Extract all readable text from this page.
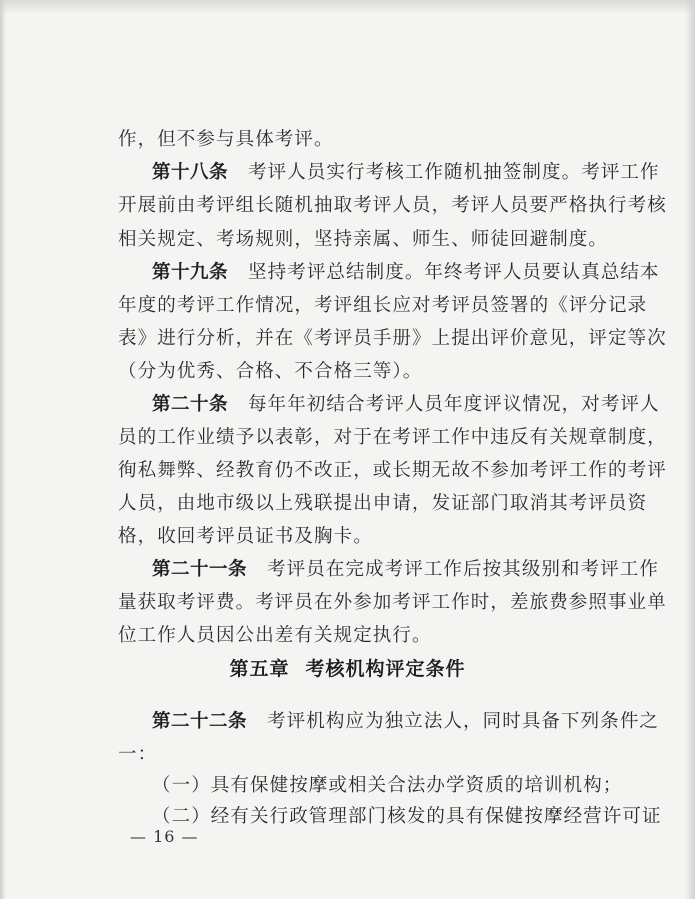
作，但不参与具体考评。
第十八条 考评人员实行考核工作随机抽签制度。考评工作
开展前由考评组长随机抽取考评人员，考评人员要严格执行考核
相关规定、考场规则，坚持亲属、师生、师徒回避制度。
第十九条 坚持考评总结制度。年终考评人员要认真总结本
年度的考评工作情况，考评组长应对考评员签署的《评分记录
表》进行分析，并在《考评员手册》上提出评价意见，评定等次
（分为优秀、合格、不合格三等）。
第二十条 每年年初结合考评人员年度评议情况，对考评人
员的工作业绩予以表彰，对于在考评工作中违反有关规章制度，
徇私舞弊、经教育仍不改正，或长期无故不参加考评工作的考评
人员，由地市级以上残联提出申请，发证部门取消其考评员资
格，收回考评员证书及胸卡。
第二十一条 考评员在完成考评工作后按其级别和考评工作
量获取考评费。考评员在外参加考评工作时，差旅费参照事业单
位工作人员因公出差有关规定执行。
第五章 考核机构评定条件
第二十二条 考评机构应为独立法人，同时具备下列条件之
一：
（一）具有保健按摩或相关合法办学资质的培训机构；
（二）经有关行政管理部门核发的具有保健按摩经营许可证
— 16 —
